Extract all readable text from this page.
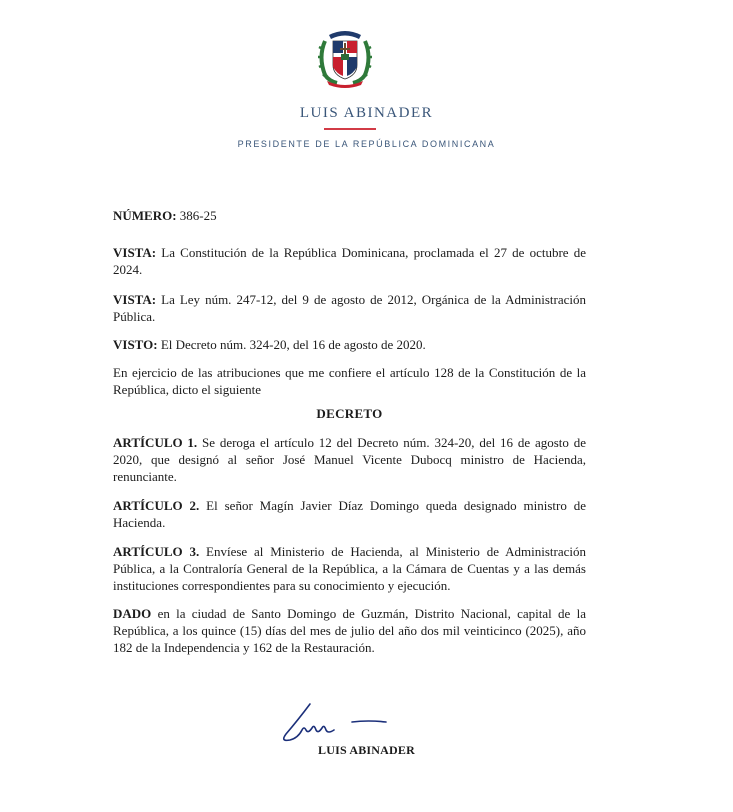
LUIS ABINADER
PRESIDENTE DE LA REPÚBLICA DOMINICANA

NÚMERO: 386-25

VISTA: La Constitución de la República Dominicana, proclamada el 27 de octubre de 2024.

VISTA: La Ley núm. 247-12, del 9 de agosto de 2012, Orgánica de la Administración Pública.

VISTO: El Decreto núm. 324-20, del 16 de agosto de 2020.

En ejercicio de las atribuciones que me confiere el artículo 128 de la Constitución de la República, dicto el siguiente

DECRETO

ARTÍCULO 1. Se deroga el artículo 12 del Decreto núm. 324-20, del 16 de agosto de 2020, que designó al señor José Manuel Vicente Dubocq ministro de Hacienda, renunciante.

ARTÍCULO 2. El señor Magín Javier Díaz Domingo queda designado ministro de Hacienda.

ARTÍCULO 3. Envíese al Ministerio de Hacienda, al Ministerio de Administración Pública, a la Contraloría General de la República, a la Cámara de Cuentas y a las demás instituciones correspondientes para su conocimiento y ejecución.

DADO en la ciudad de Santo Domingo de Guzmán, Distrito Nacional, capital de la República, a los quince (15) días del mes de julio del año dos mil veinticinco (2025), año 182 de la Independencia y 162 de la Restauración.

LUIS ABINADER
